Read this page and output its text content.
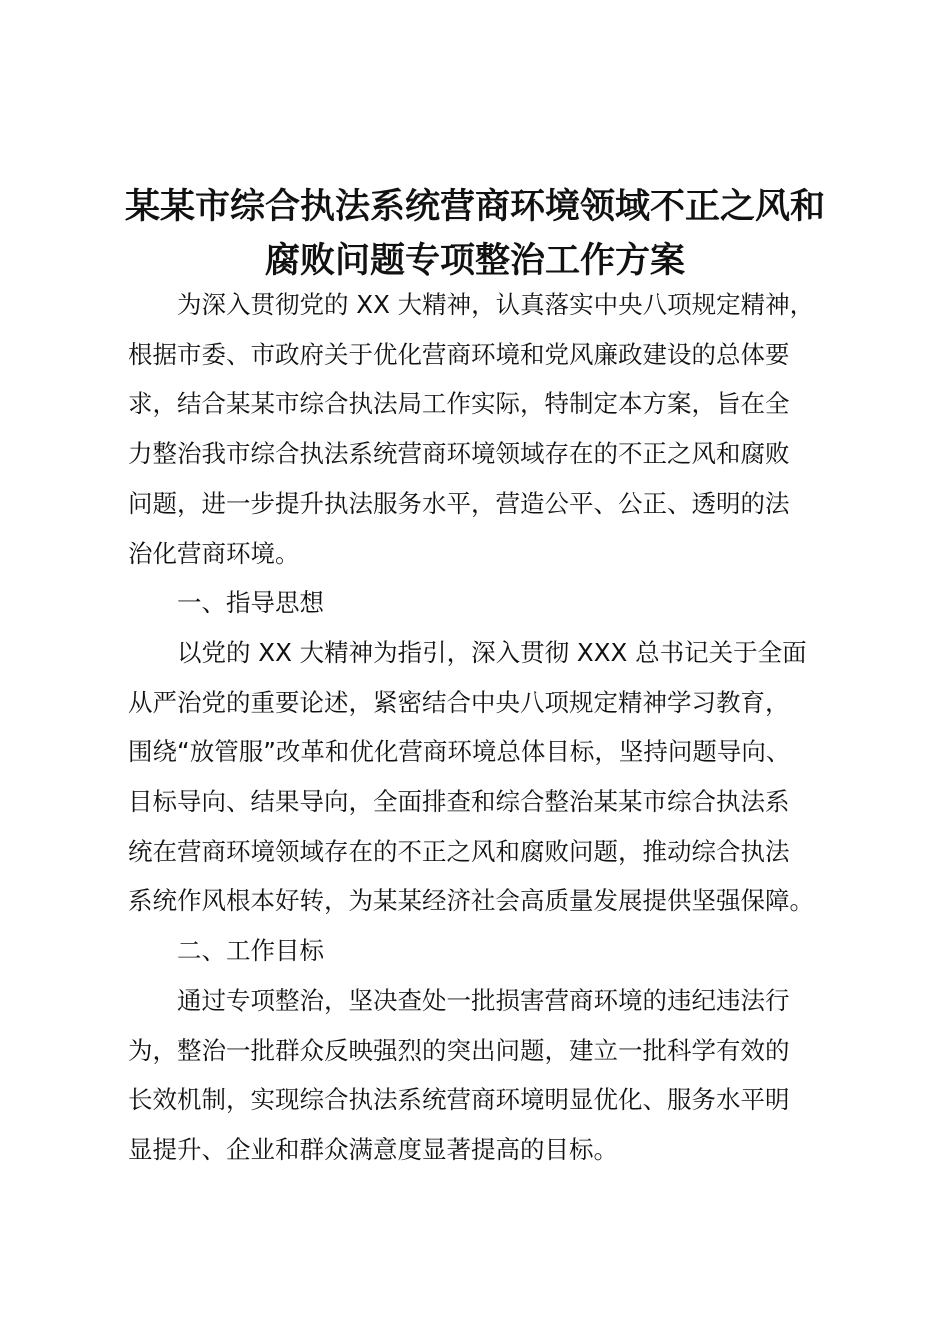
某某市综合执法系统营商环境领域不正之风和
腐败问题专项整治工作方案
为深入贯彻党的 XX 大精神，认真落实中央八项规定精神，
根据市委、市政府关于优化营商环境和党风廉政建设的总体要
求，结合某某市综合执法局工作实际，特制定本方案，旨在全
力整治我市综合执法系统营商环境领域存在的不正之风和腐败
问题，进一步提升执法服务水平，营造公平、公正、透明的法
治化营商环境。
一、指导思想
以党的 XX 大精神为指引，深入贯彻 XXX 总书记关于全面
从严治党的重要论述，紧密结合中央八项规定精神学习教育，
围绕“放管服”改革和优化营商环境总体目标，坚持问题导向、
目标导向、结果导向，全面排查和综合整治某某市综合执法系
统在营商环境领域存在的不正之风和腐败问题，推动综合执法
系统作风根本好转，为某某经济社会高质量发展提供坚强保障。
二、工作目标
通过专项整治，坚决查处一批损害营商环境的违纪违法行
为，整治一批群众反映强烈的突出问题，建立一批科学有效的
长效机制，实现综合执法系统营商环境明显优化、服务水平明
显提升、企业和群众满意度显著提高的目标。
